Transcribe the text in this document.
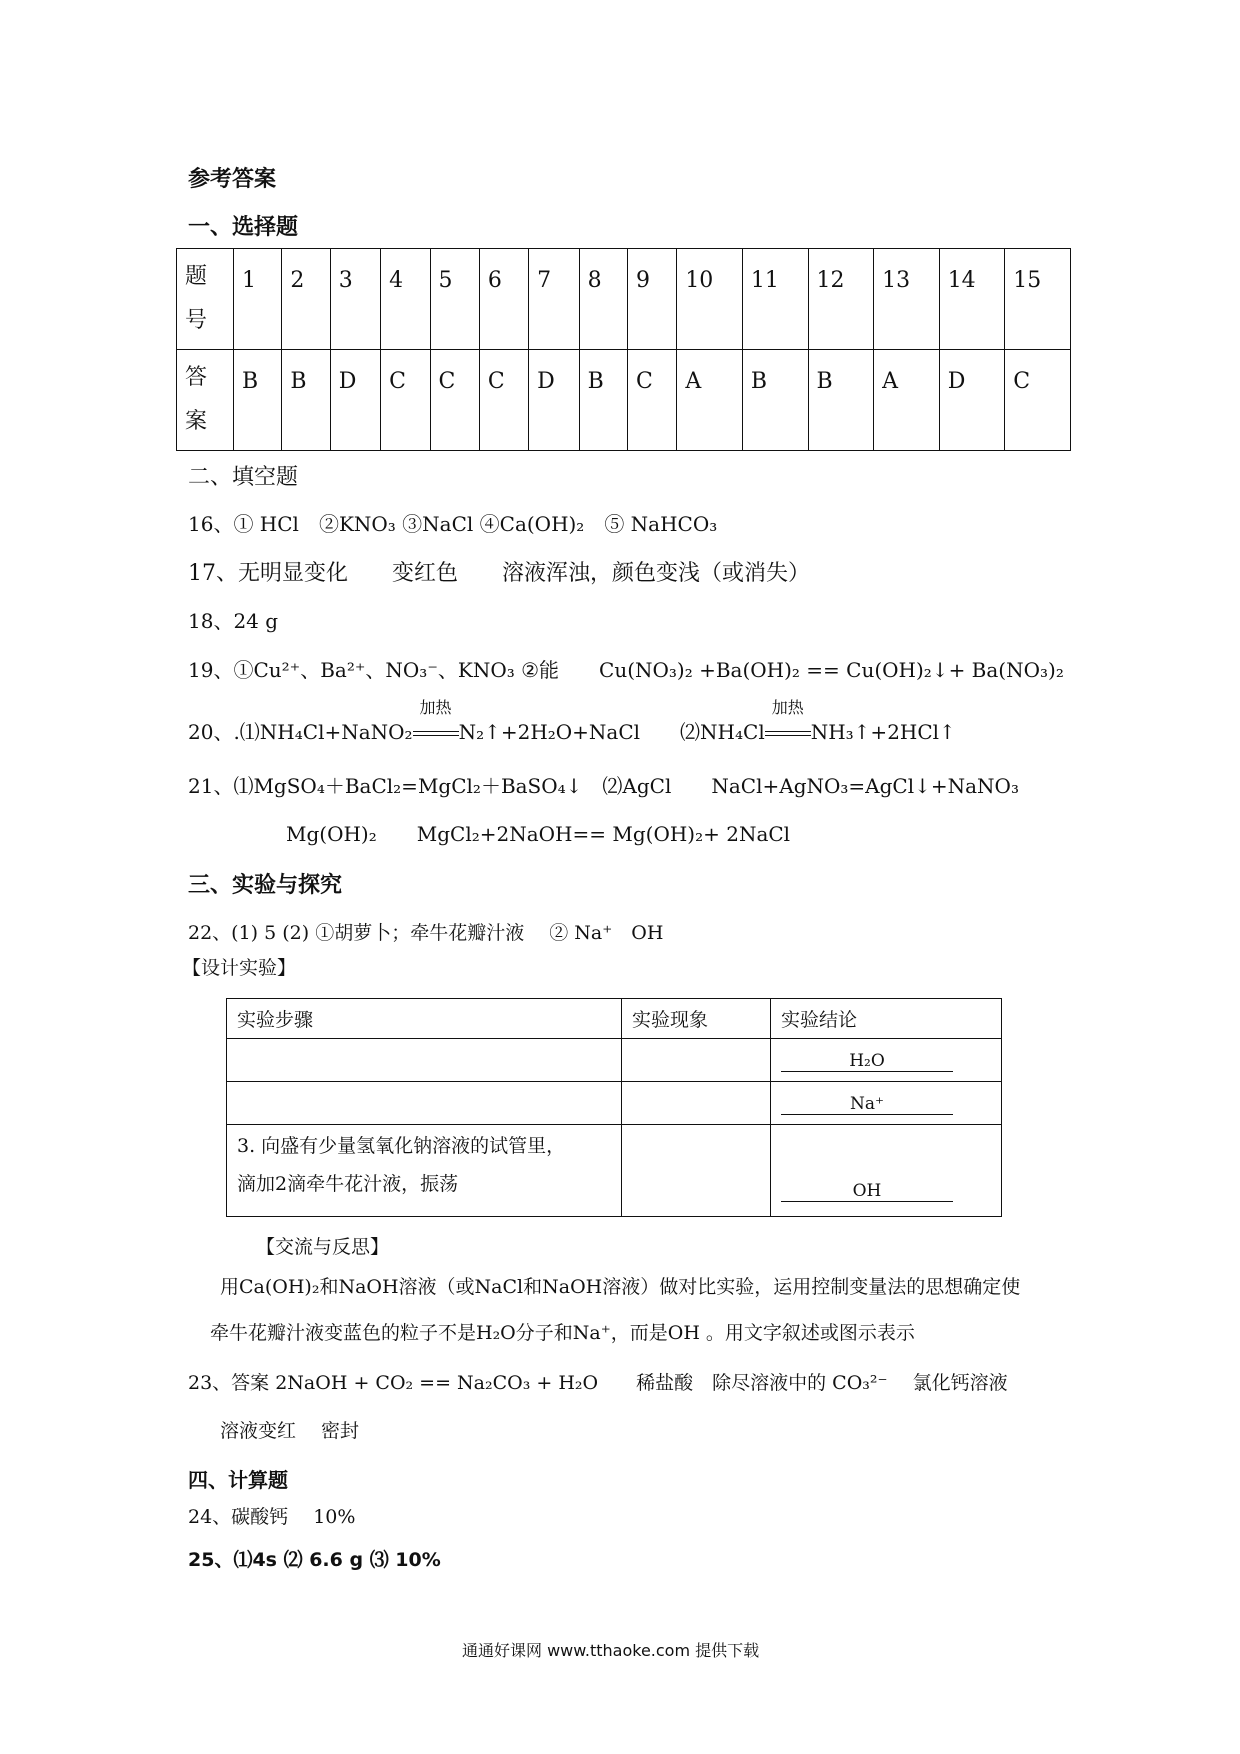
参考答案
一、选择题
题号	1	2	3	4	5	6	7	8	9	10	11	12	13	14	15

答案	B	B	D	C	C	C	D	B	C	A	B	B	A	D	C
二、填空题
16、① HCl　②KNO₃ ③NaCl ④Ca(OH)₂　⑤ NaHCO₃
17、无明显变化　　变红色　　溶液浑浊，颜色变浅（或消失）
18、24 g
19、①Cu²⁺、Ba²⁺、NO₃⁻、KNO₃ ②能　　Cu(NO₃)₂ +Ba(OH)₂ == Cu(OH)₂↓+ Ba(NO₃)₂
20、.⑴NH₄Cl+NaNO₂
加热
N₂↑+2H₂O+NaCl　　⑵NH₄Cl
加热
NH₃↑+2HCl↑
21、⑴MgSO₄＋BaCl₂=MgCl₂＋BaSO₄↓　⑵AgCl　　NaCl+AgNO₃=AgCl↓+NaNO₃
Mg(OH)₂　　MgCl₂+2NaOH== Mg(OH)₂+ 2NaCl
三、实验与探究
22、(1) 5 (2) ①胡萝卜；牵牛花瓣汁液　 ② Na⁺　OH
【设计实验】
实验步骤	实验现象	实验结论
		H₂O
		Na⁺

3. 向盛有少量氢氧化钠溶液的试管里，
滴加2滴牵牛花汁液，振荡		OH
【交流与反思】
用Ca(OH)₂和NaOH溶液（或NaCl和NaOH溶液）做对比实验，运用控制变量法的思想确定使
牵牛花瓣汁液变蓝色的粒子不是H₂O分子和Na⁺，而是OH 。用文字叙述或图示表示
23、答案 2NaOH + CO₂ == Na₂CO₃ + H₂O　　稀盐酸　除尽溶液中的 CO₃²⁻　 氯化钙溶液
溶液变红　 密封
四、计算题
24、碳酸钙　 10%
25、⑴4s ⑵ 6.6 g ⑶ 10%
通通好课网 www.tthaoke.com 提供下载
